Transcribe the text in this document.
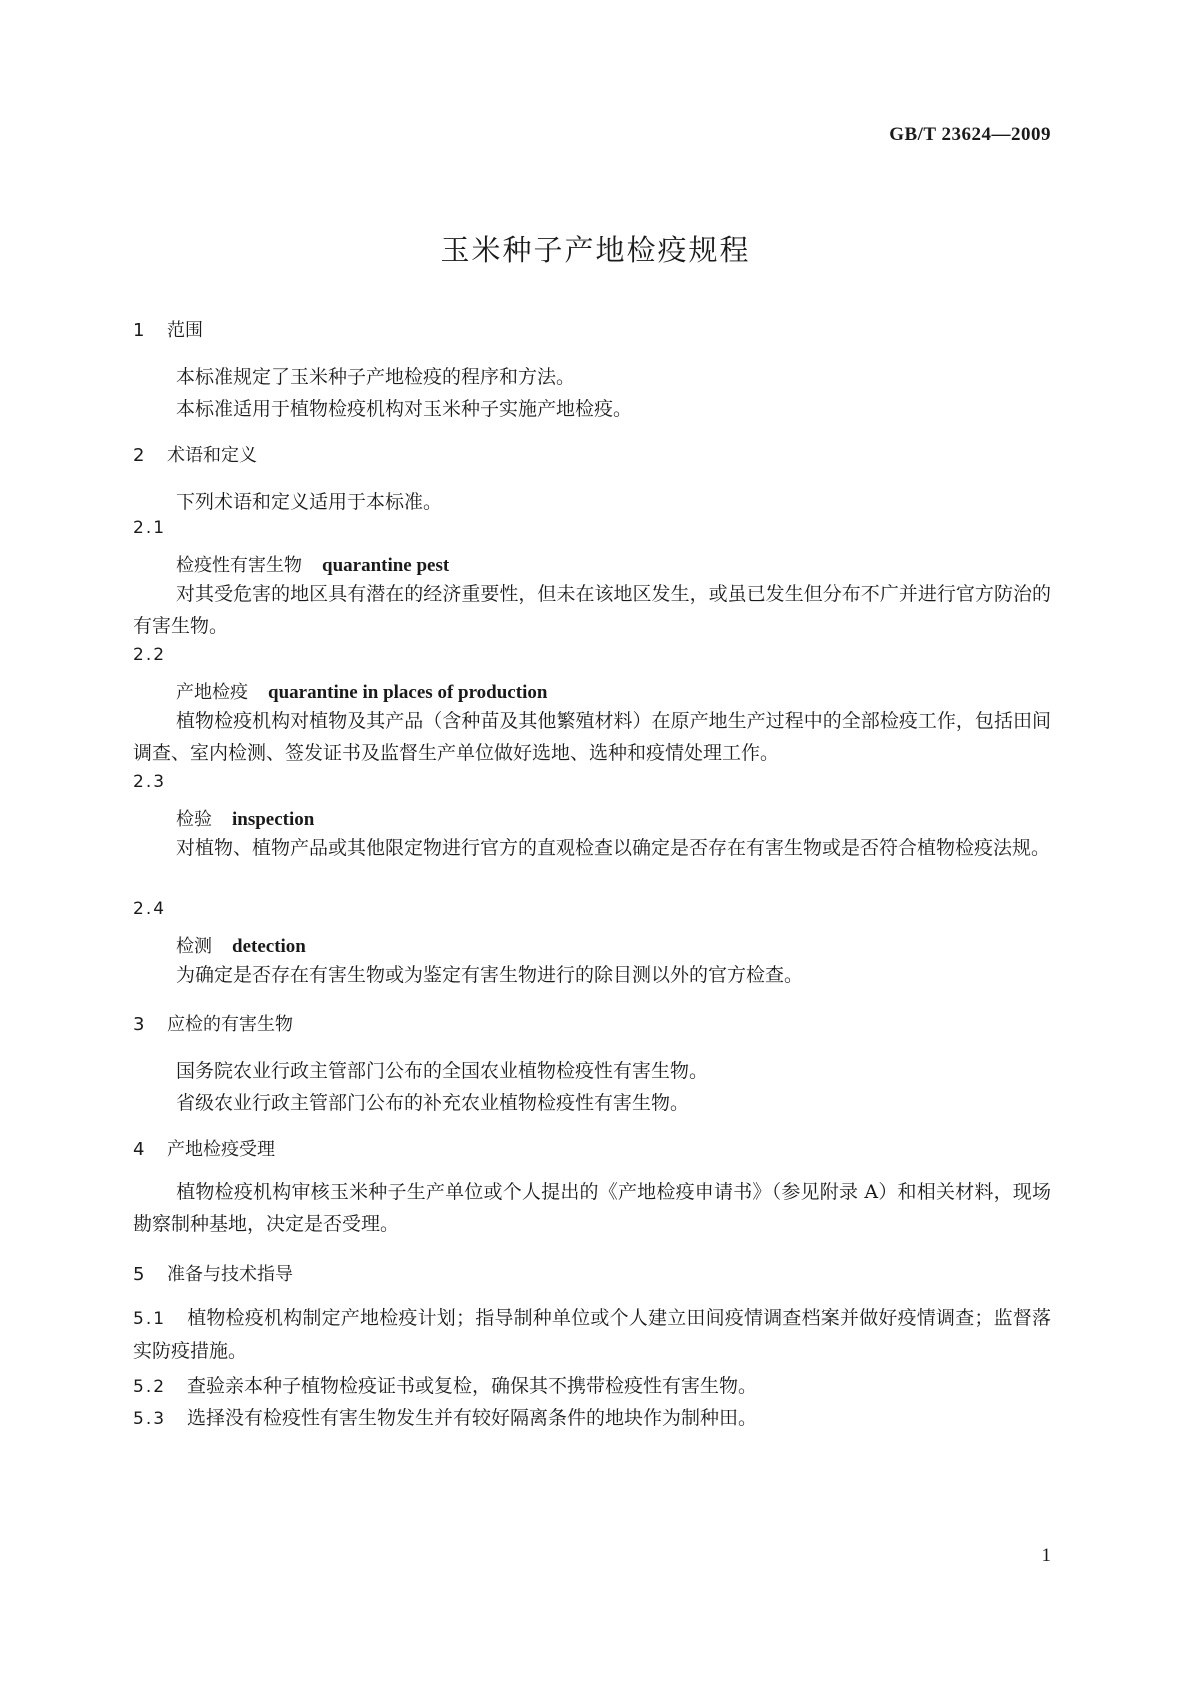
GB/T 23624—2009
玉米种子产地检疫规程
1 范围
本标准规定了玉米种子产地检疫的程序和方法。
本标准适用于植物检疫机构对玉米种子实施产地检疫。
2 术语和定义
下列术语和定义适用于本标准。
2.1
检疫性有害生物 quarantine pest
对其受危害的地区具有潜在的经济重要性，但未在该地区发生，或虽已发生但分布不广并进行官方防治的有害生物。
2.2
产地检疫 quarantine in places of production
植物检疫机构对植物及其产品（含种苗及其他繁殖材料）在原产地生产过程中的全部检疫工作，包括田间调查、室内检测、签发证书及监督生产单位做好选地、选种和疫情处理工作。
2.3
检验 inspection
对植物、植物产品或其他限定物进行官方的直观检查以确定是否存在有害生物或是否符合植物检疫法规。
2.4
检测 detection
为确定是否存在有害生物或为鉴定有害生物进行的除目测以外的官方检查。
3 应检的有害生物
国务院农业行政主管部门公布的全国农业植物检疫性有害生物。
省级农业行政主管部门公布的补充农业植物检疫性有害生物。
4 产地检疫受理
植物检疫机构审核玉米种子生产单位或个人提出的《产地检疫申请书》（参见附录 A）和相关材料，现场勘察制种基地，决定是否受理。
5 准备与技术指导
5.1 植物检疫机构制定产地检疫计划；指导制种单位或个人建立田间疫情调查档案并做好疫情调查；监督落实防疫措施。
5.2 查验亲本种子植物检疫证书或复检，确保其不携带检疫性有害生物。
5.3 选择没有检疫性有害生物发生并有较好隔离条件的地块作为制种田。
1
